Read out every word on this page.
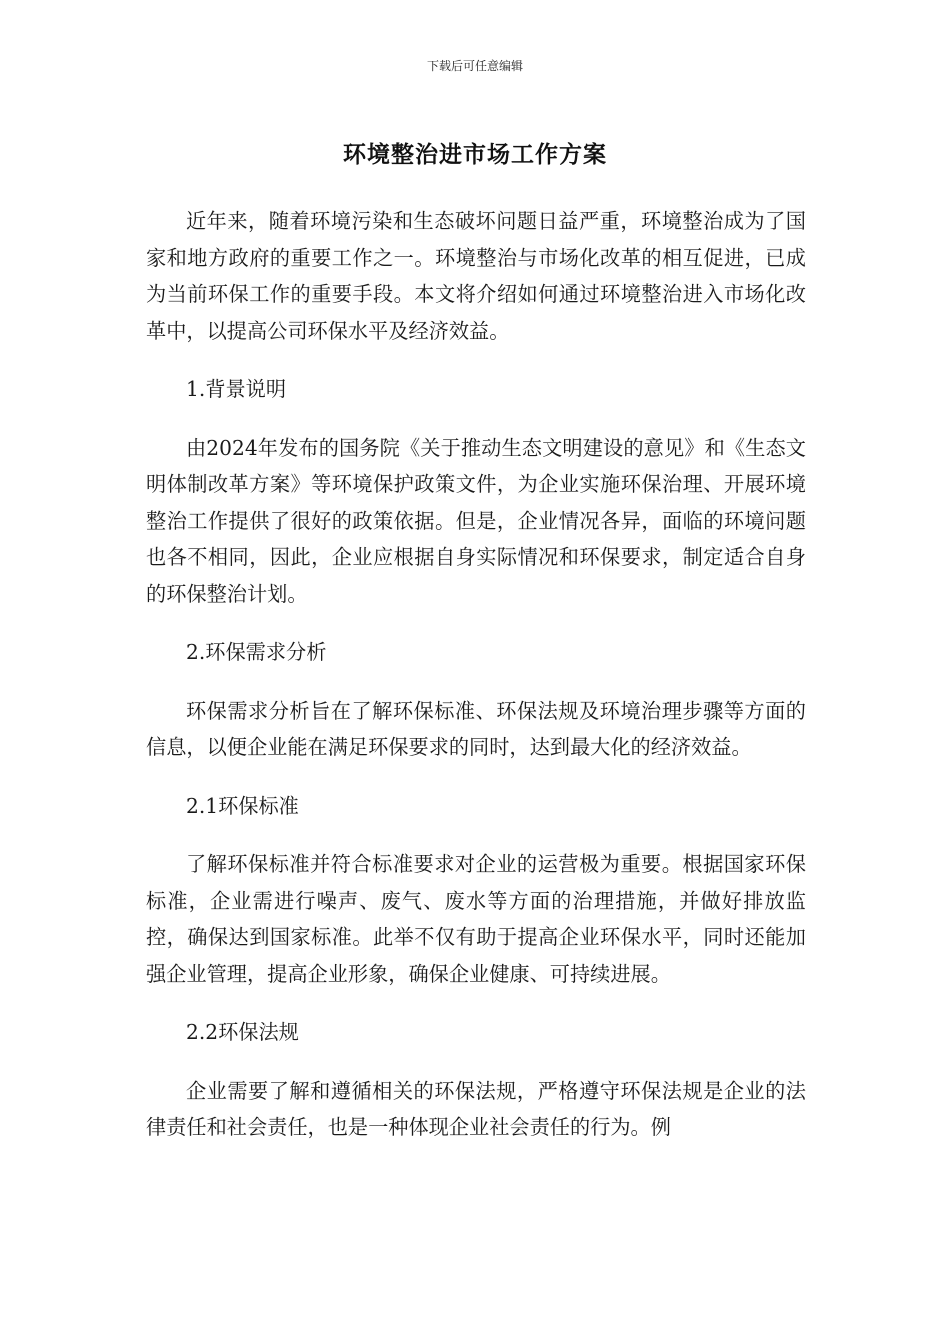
下载后可任意编辑
环境整治进市场工作方案

近年来，随着环境污染和生态破坏问题日益严重，环境整治成为了国家和地方政府的重要工作之一。环境整治与市场化改革的相互促进，已成为当前环保工作的重要手段。本文将介绍如何通过环境整治进入市场化改革中，以提高公司环保水平及经济效益。

1.背景说明

由2024年发布的国务院《关于推动生态文明建设的意见》和《生态文明体制改革方案》等环境保护政策文件，为企业实施环保治理、开展环境整治工作提供了很好的政策依据。但是，企业情况各异，面临的环境问题也各不相同，因此，企业应根据自身实际情况和环保要求，制定适合自身的环保整治计划。

2.环保需求分析

环保需求分析旨在了解环保标准、环保法规及环境治理步骤等方面的信息，以便企业能在满足环保要求的同时，达到最大化的经济效益。

2.1环保标准

了解环保标准并符合标准要求对企业的运营极为重要。根据国家环保标准，企业需进行噪声、废气、废水等方面的治理措施，并做好排放监控，确保达到国家标准。此举不仅有助于提高企业环保水平，同时还能加强企业管理，提高企业形象，确保企业健康、可持续进展。

2.2环保法规

企业需要了解和遵循相关的环保法规，严格遵守环保法规是企业的法律责任和社会责任，也是一种体现企业社会责任的行为。例
